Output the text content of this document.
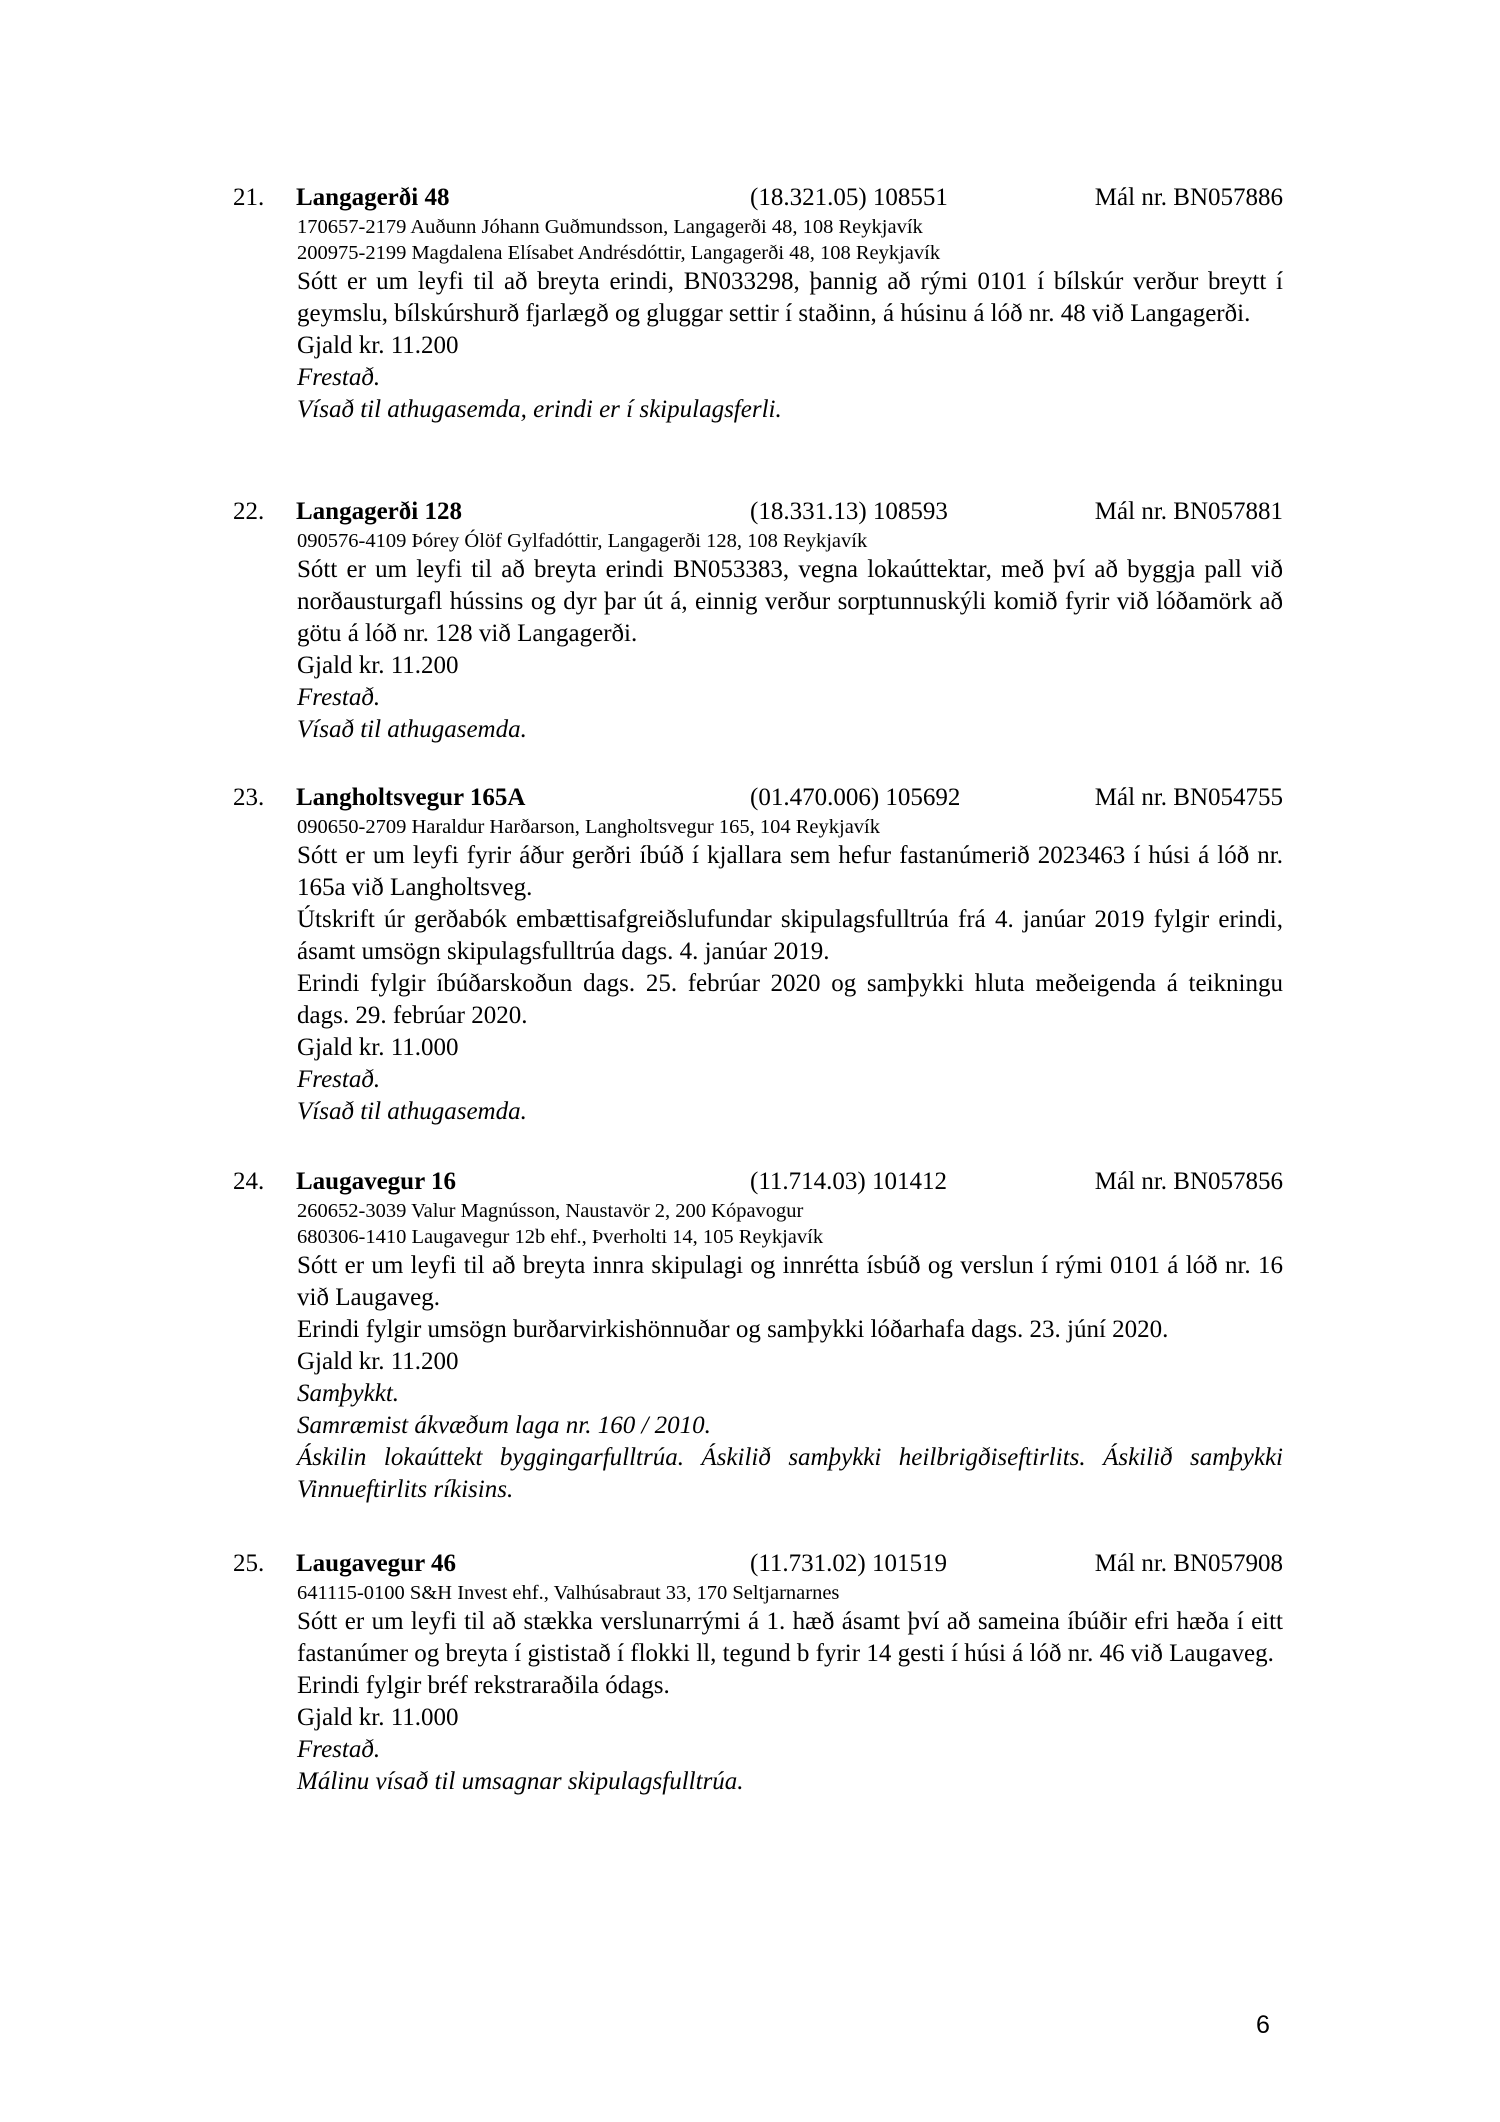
21. Langagerði 48	(18.321.05) 108551	Mál nr. BN057886
170657-2179 Auðunn Jóhann Guðmundsson, Langagerði 48, 108 Reykjavík
200975-2199 Magdalena Elísabet Andrésdóttir, Langagerði 48, 108 Reykjavík
Sótt er um leyfi til að breyta erindi, BN033298, þannig að rými 0101 í bílskúr verður breytt í geymslu, bílskúrshurð fjarlægð og gluggar settir í staðinn, á húsinu á lóð nr. 48 við Langagerði.
Gjald kr. 11.200
Frestað.
Vísað til athugasemda, erindi er í skipulagsferli.
22. Langagerði 128	(18.331.13) 108593	Mál nr. BN057881
090576-4109 Þórey Ólöf Gylfadóttir, Langagerði 128, 108 Reykjavík
Sótt er um leyfi til að breyta erindi BN053383, vegna lokaúttektar, með því að byggja pall við norðausturgafl hússins og dyr þar út á, einnig verður sorptunnuskýli komið fyrir við lóðamörk að götu á lóð nr. 128 við Langagerði.
Gjald kr. 11.200
Frestað.
Vísað til athugasemda.
23. Langholtsvegur 165A	(01.470.006) 105692	Mál nr. BN054755
090650-2709 Haraldur Harðarson, Langholtsvegur 165, 104 Reykjavík
Sótt er um leyfi fyrir áður gerðri íbúð í kjallara sem hefur fastanúmerið 2023463 í húsi á lóð nr. 165a við Langholtsveg.
Útskrift úr gerðabók embættisafgreiðslufundar skipulagsfulltrúa frá 4. janúar 2019 fylgir erindi, ásamt umsögn skipulagsfulltrúa dags. 4. janúar 2019.
Erindi fylgir íbúðarskoðun dags. 25. febrúar 2020 og samþykki hluta meðeigenda á teikningu dags. 29. febrúar 2020.
Gjald kr. 11.000
Frestað.
Vísað til athugasemda.
24. Laugavegur 16	(11.714.03) 101412	Mál nr. BN057856
260652-3039 Valur Magnússon, Naustavör 2, 200 Kópavogur
680306-1410 Laugavegur 12b ehf., Þverholti 14, 105 Reykjavík
Sótt er um leyfi til að breyta innra skipulagi og innrétta ísbúð og verslun í rými 0101 á lóð nr. 16 við Laugaveg.
Erindi fylgir umsögn burðarvirkishönnuðar og samþykki lóðarhafa dags. 23. júní 2020.
Gjald kr. 11.200
Samþykkt.
Samræmist ákvæðum laga nr. 160 / 2010.
Áskilin lokaúttekt byggingarfulltrúa. Áskilið samþykki heilbrigðiseftirlits. Áskilið samþykki Vinnueftirlits ríkisins.
25. Laugavegur 46	(11.731.02) 101519	Mál nr. BN057908
641115-0100 S&H Invest ehf., Valhúsabraut 33, 170 Seltjarnarnes
Sótt er um leyfi til að stækka verslunarrými á 1. hæð ásamt því að sameina íbúðir efri hæða í eitt fastanúmer og breyta í gististað í flokki ll, tegund b fyrir 14 gesti í húsi á lóð nr. 46 við Laugaveg.
Erindi fylgir bréf rekstraraðila ódags.
Gjald kr. 11.000
Frestað.
Málinu vísað til umsagnar skipulagsfulltrúa.
6
